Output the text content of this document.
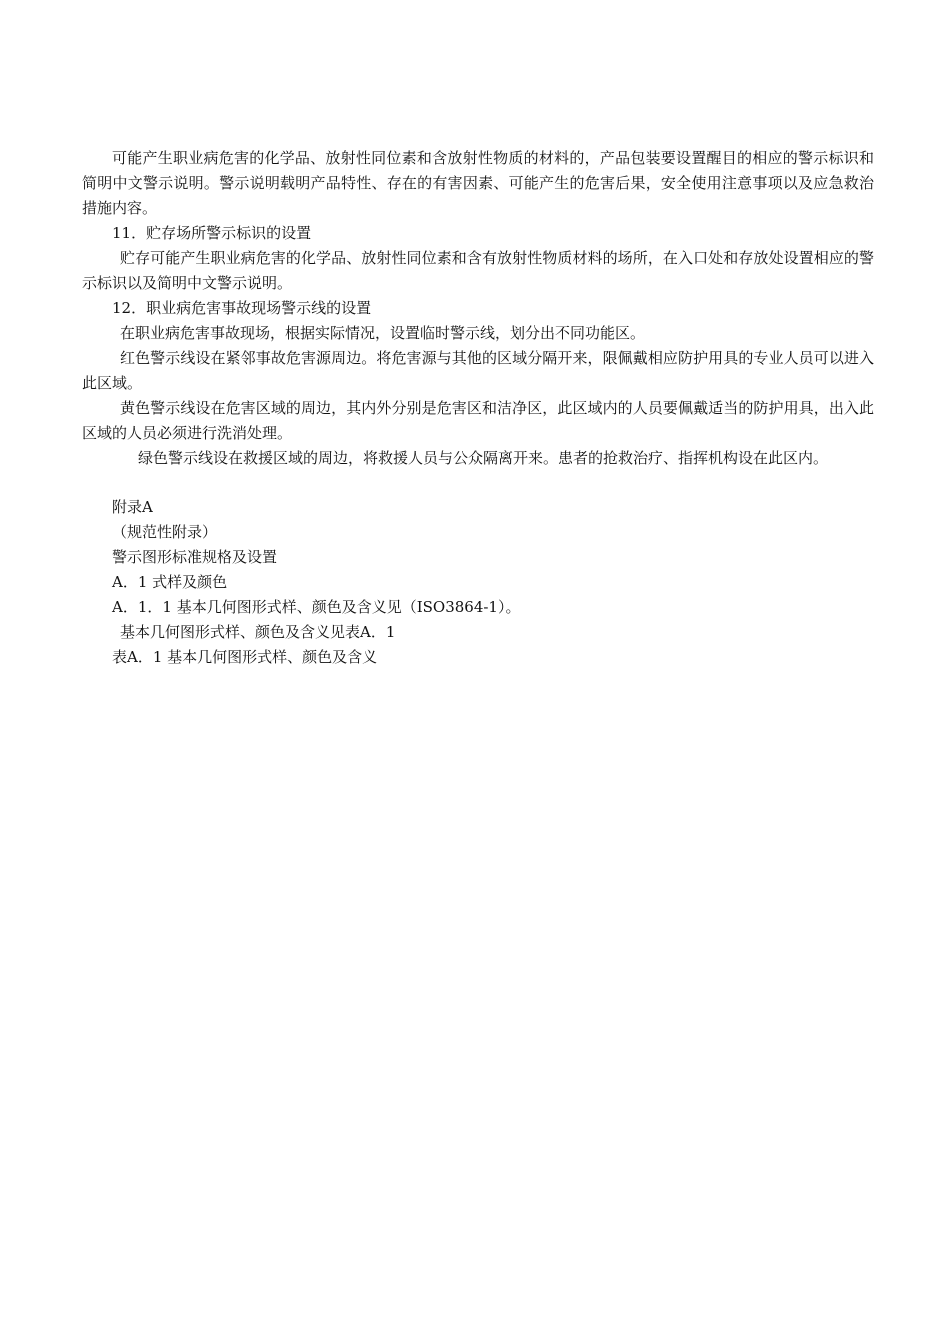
可能产生职业病危害的化学品、放射性同位素和含放射性物质的材料的，产品包装要设置醒目的相应的警示标识和简明中文警示说明。警示说明载明产品特性、存在的有害因素、可能产生的危害后果，安全使用注意事项以及应急救治措施内容。

11．贮存场所警示标识的设置

贮存可能产生职业病危害的化学品、放射性同位素和含有放射性物质材料的场所，在入口处和存放处设置相应的警示标识以及简明中文警示说明。

12．职业病危害事故现场警示线的设置

在职业病危害事故现场，根据实际情况，设置临时警示线，划分出不同功能区。

红色警示线设在紧邻事故危害源周边。将危害源与其他的区域分隔开来，限佩戴相应防护用具的专业人员可以进入此区域。

黄色警示线设在危害区域的周边，其内外分别是危害区和洁净区，此区域内的人员要佩戴适当的防护用具，出入此区域的人员必须进行洗消处理。

绿色警示线设在救援区域的周边，将救援人员与公众隔离开来。患者的抢救治疗、指挥机构设在此区内。

附录A

（规范性附录）

警示图形标准规格及设置

A．1 式样及颜色

A．1．1 基本几何图形式样、颜色及含义见（ISO3864-1）。

基本几何图形式样、颜色及含义见表A．1

表A．1 基本几何图形式样、颜色及含义
